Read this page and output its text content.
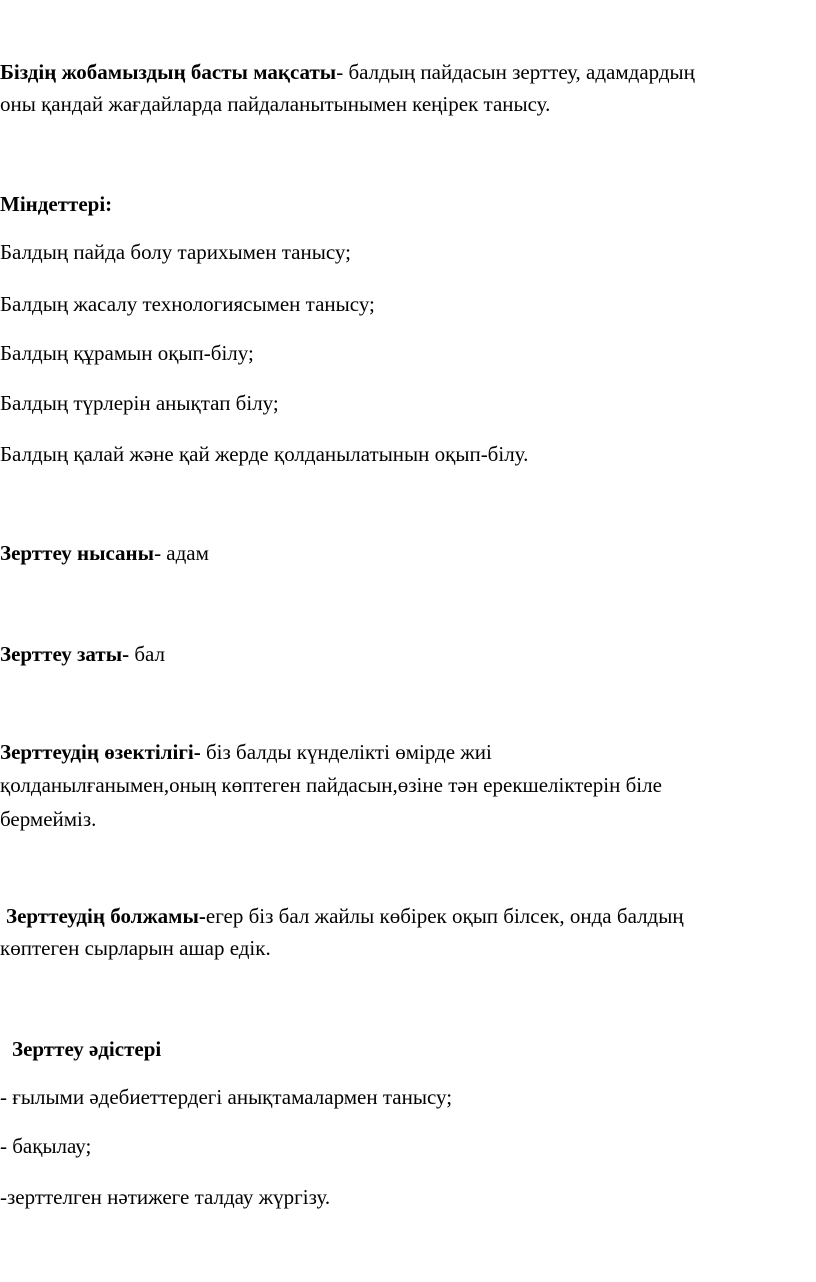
Біздің жобамыздың басты мақсаты- балдың пайдасын зерттеу, адамдардың
оны қандай жағдайларда пайдаланытынымен кеңірек танысу.
Міндеттері:
Балдың пайда болу тарихымен танысу;
Балдың жасалу технологиясымен танысу;
Балдың құрамын оқып-білу;
Балдың түрлерін анықтап білу;
Балдың қалай және қай жерде қолданылатынын оқып-білу.
Зерттеу нысаны- адам
Зерттеу заты- бал
Зерттеудің өзектілігі- біз балды күнделікті өмірде жиі
қолданылғанымен,оның көптеген пайдасын,өзіне тән ерекшеліктерін біле
бермейміз.
Зерттеудің болжамы-егер біз бал жайлы көбірек оқып білсек, онда балдың
көптеген сырларын ашар едік.
Зерттеу әдістері
- ғылыми әдебиеттердегі анықтамалармен танысу;
- бақылау;
-зерттелген нәтижеге талдау жүргізу.
